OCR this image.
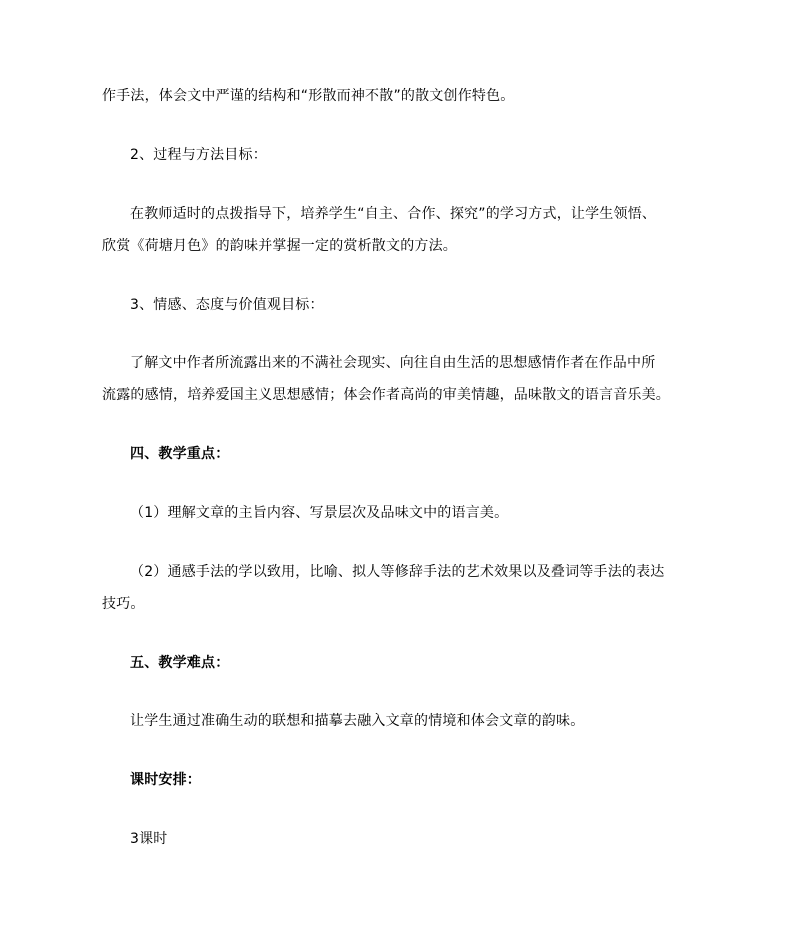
作手法，体会文中严谨的结构和“形散而神不散”的散文创作特色。
2、过程与方法目标：
在教师适时的点拨指导下，培养学生“自主、合作、探究”的学习方式，让学生领悟、
欣赏《荷塘月色》的韵味并掌握一定的赏析散文的方法。
3、情感、态度与价值观目标：
了解文中作者所流露出来的不满社会现实、向往自由生活的思想感情作者在作品中所
流露的感情，培养爱国主义思想感情；体会作者高尚的审美情趣，品味散文的语言音乐美。
四、教学重点：
（1）理解文章的主旨内容、写景层次及品味文中的语言美。
（2）通感手法的学以致用，比喻、拟人等修辞手法的艺术效果以及叠词等手法的表达
技巧。
五、教学难点：
让学生通过准确生动的联想和描摹去融入文章的情境和体会文章的韵味。
课时安排：
3课时
